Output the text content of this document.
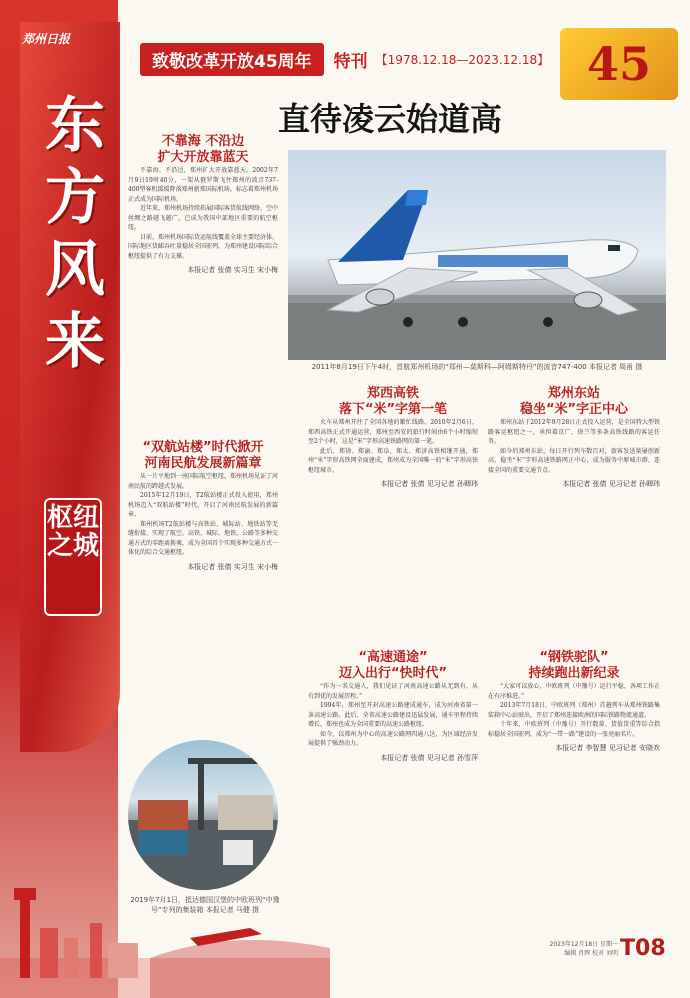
郑州日报
东方风来
枢纽之城
致敬改革开放45周年	特刊 【1978.12.18—2023.12.18】 45
直待凌云始道高
2011年8月19日下午4时，首航郑州机场的“郑州—莫斯科—阿姆斯特丹”的波音747-400 本报记者 周甬 摄
不靠海 不沿边
扩大开放靠蓝天

不靠海、不沿边，郑州扩大开放靠蓝天。2002年7月9日19时40分，一架从俄罗斯飞往郑州的波音737-400型客机缓缓降落郑州新郑国际机场，标志着郑州机场正式成为国际机场。

近年来，郑州机场持续拓展国际客货航线网络，空中丝绸之路越飞越广，已成为我国中部地区重要的航空枢纽。

目前，郑州机场国际货运航线覆盖全球主要经济体，国际地区货邮吞吐量稳居全国前列，为郑州建设国际综合枢纽提供了有力支撑。

本报记者 张倩 实习生 宋小梅
“双航站楼”时代掀开
河南民航发展新篇章

从一片平地到一座国际航空枢纽，郑州机场见证了河南民航的跨越式发展。

2015年12月19日，T2航站楼正式投入使用，郑州机场迈入“双航站楼”时代，开启了河南民航发展的新篇章。

郑州机场T2航站楼与高铁站、城际站、地铁站等无缝衔接，实现了航空、高铁、城际、地铁、公路等多种交通方式的零距离换乘，成为全国首个实现多种交通方式一体化的综合交通枢纽。

本报记者 张倩 实习生 宋小梅
郑西高铁
落下“米”字第一笔

火车从郑州开往了全国各地的繁忙线路。2010年2月6日，郑西高铁正式开通运营，郑州至西安的旅行时间由6个小时缩短至2个小时，这是“米”字形高速铁路网的第一笔。

此后，郑徐、郑渝、郑阜、郑太、郑济高铁相继开通，郑州“米”字形高铁网全面建成，郑州成为全国唯一的“米”字形高铁枢纽城市。

本报记者 张倩 见习记者 孙卿玮
郑州东站
稳坐“米”字正中心

郑州东站于2012年9月28日正式投入运营，是全国特大型铁路客运枢纽之一，承担着京广、徐兰等多条高铁线路的客运任务。

如今的郑州东站，每日开行列车数百对，旅客发送量屡创新高，稳坐“米”字形高速铁路网正中心，成为服务中原城市群、连接全国的重要交通节点。

本报记者 张倩 见习记者 孙卿玮
“高速通途”
迈入出行“快时代”

“作为一名交通人，我们见证了河南高速公路从无到有、从有到优的发展历程。”

1994年，郑州至开封高速公路建成通车，成为河南省第一条高速公路。此后，全省高速公路建设迅猛发展，通车里程持续增长，郑州也成为全国重要的高速公路枢纽。

如今，以郑州为中心的高速公路网四通八达，为区域经济发展提供了强劲动力。

本报记者 张倩 见习记者 孙雪萍
“钢铁驼队”
持续跑出新纪录

“大家可以放心，中欧班列（中豫号）运行平稳，各项工作正在有序推进。”

2013年7月18日，中欧班列（郑州）首趟列车从郑州铁路集装箱中心站驶出，开启了郑州连接欧洲的国际铁路物流通道。

十年来，中欧班列（中豫号）开行数量、货值货重等综合指标稳居全国前列，成为“一带一路”建设的一张亮丽名片。

本报记者 李智慧 见习记者 安晓欢
2019年7月1日，抵达德国汉堡的中欧班列“中豫号”专列的集装箱 本报记者 马健 摄
2023年12月18日 星期一
编辑 肖辉 校对 刘明 T08
